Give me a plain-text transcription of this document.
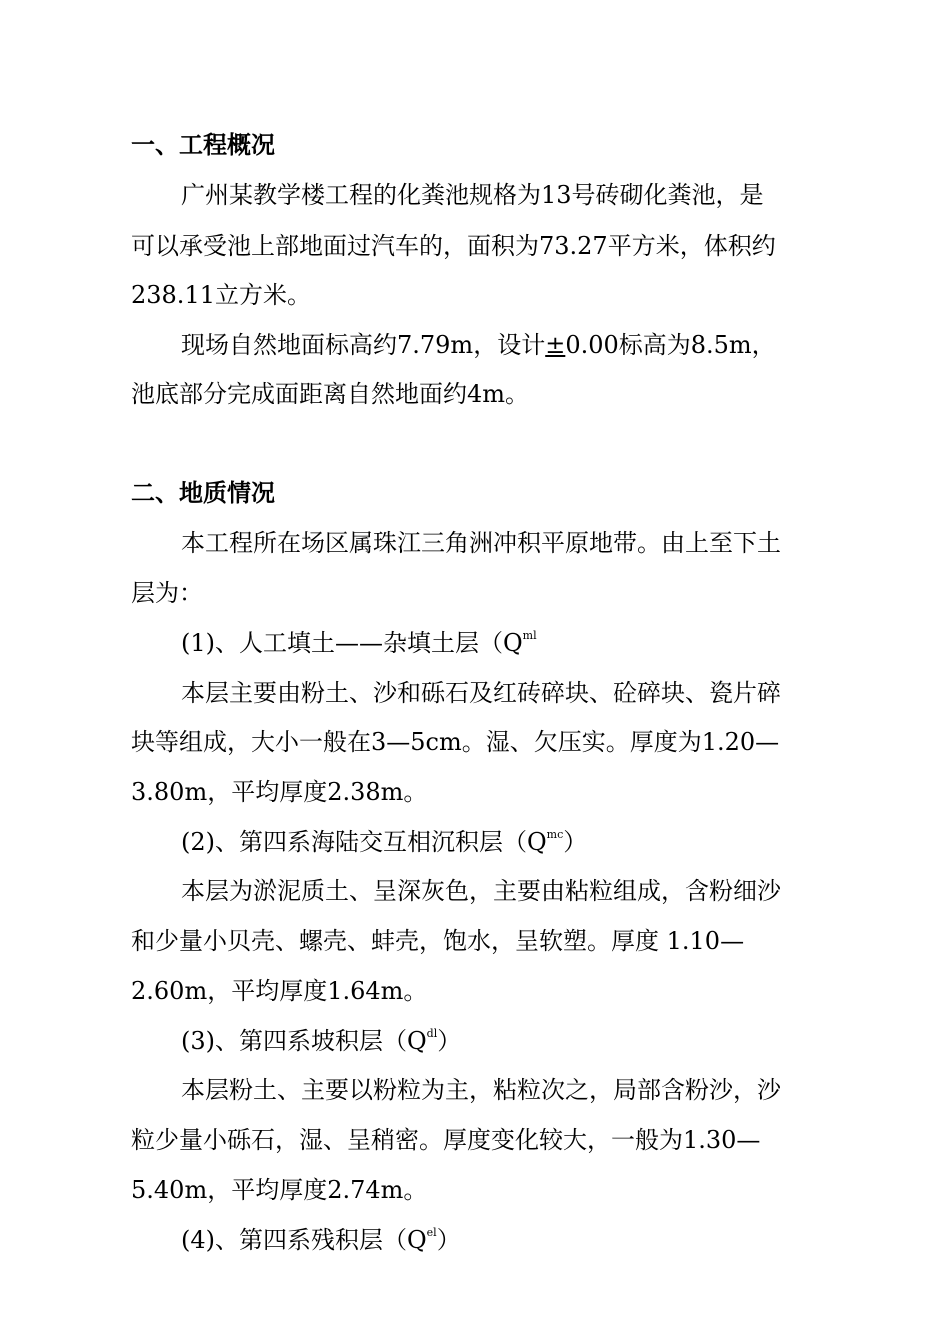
一、工程概况
广州某教学楼工程的化粪池规格为13号砖砌化粪池，是
可以承受池上部地面过汽车的，面积为73.27平方米，体积约
238.11立方米。
现场自然地面标高约7.79m，设计±0.00标高为8.5m，
池底部分完成面距离自然地面约4m。
二、地质情况
本工程所在场区属珠江三角洲冲积平原地带。由上至下土
层为：
(1)、人工填土——杂填土层（$Q^{ml}$
本层主要由粉土、沙和砾石及红砖碎块、砼碎块、瓷片碎
块等组成，大小一般在3—5cm。湿、欠压实。厚度为1.20—
3.80m，平均厚度2.38m。
(2)、第四系海陆交互相沉积层$(Q^{mc})$
本层为淤泥质土、呈深灰色，主要由粘粒组成，含粉细沙
和少量小贝壳、螺壳、蚌壳，饱水，呈软塑。厚度 1.10—
2.60m，平均厚度1.64m。
(3)、第四系坡积层$(Q^{dl})$
本层粉土、主要以粉粒为主，粘粒次之，局部含粉沙，沙
粒少量小砾石，湿、呈稍密。厚度变化较大，一般为1.30—
5.40m，平均厚度2.74m。
(4)、第四系残积层$(Q^{el})$
